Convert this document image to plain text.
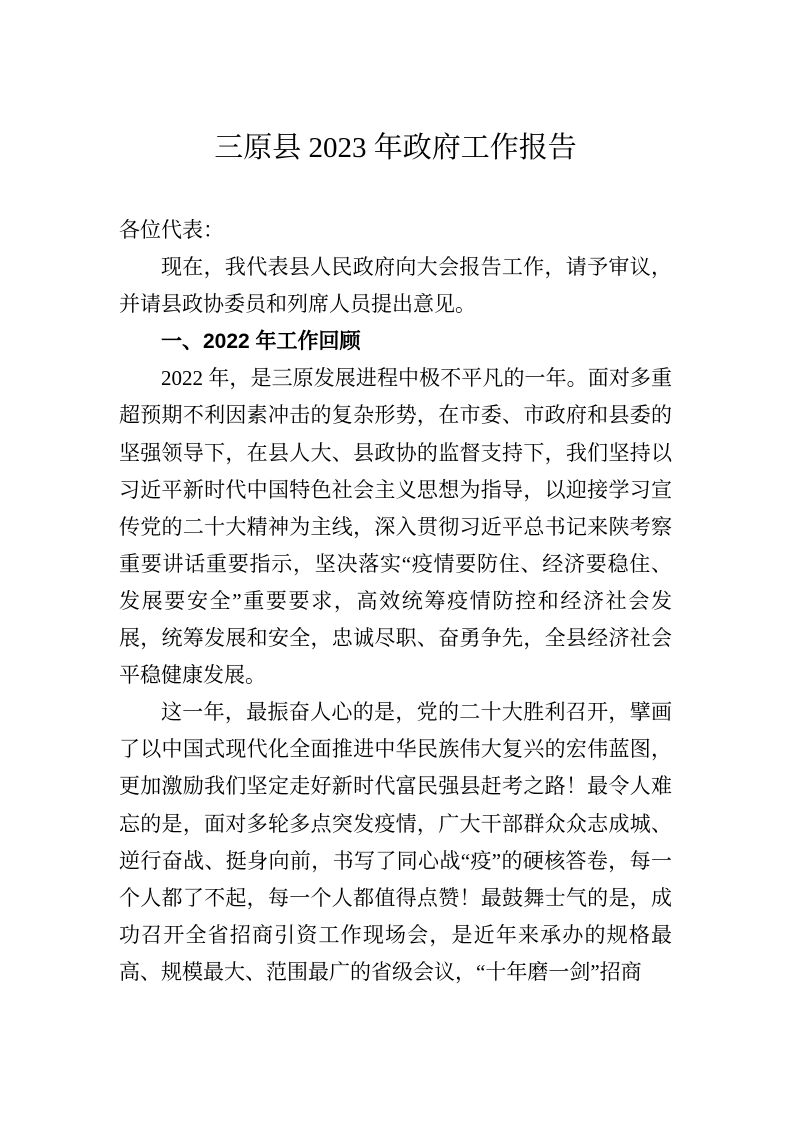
三原县 2023 年政府工作报告

各位代表：

现在，我代表县人民政府向大会报告工作，请予审议，并请县政协委员和列席人员提出意见。

一、2022 年工作回顾

2022 年，是三原发展进程中极不平凡的一年。面对多重超预期不利因素冲击的复杂形势，在市委、市政府和县委的坚强领导下，在县人大、县政协的监督支持下，我们坚持以习近平新时代中国特色社会主义思想为指导，以迎接学习宣传党的二十大精神为主线，深入贯彻习近平总书记来陕考察重要讲话重要指示，坚决落实“疫情要防住、经济要稳住、发展要安全”重要要求，高效统筹疫情防控和经济社会发展，统筹发展和安全，忠诚尽职、奋勇争先，全县经济社会平稳健康发展。

这一年，最振奋人心的是，党的二十大胜利召开，擘画了以中国式现代化全面推进中华民族伟大复兴的宏伟蓝图，更加激励我们坚定走好新时代富民强县赶考之路！最令人难忘的是，面对多轮多点突发疫情，广大干部群众众志成城、逆行奋战、挺身向前，书写了同心战“疫”的硬核答卷，每一个人都了不起，每一个人都值得点赞！最鼓舞士气的是，成功召开全省招商引资工作现场会，是近年来承办的规格最高、规模最大、范围最广的省级会议，“十年磨一剑”招商
